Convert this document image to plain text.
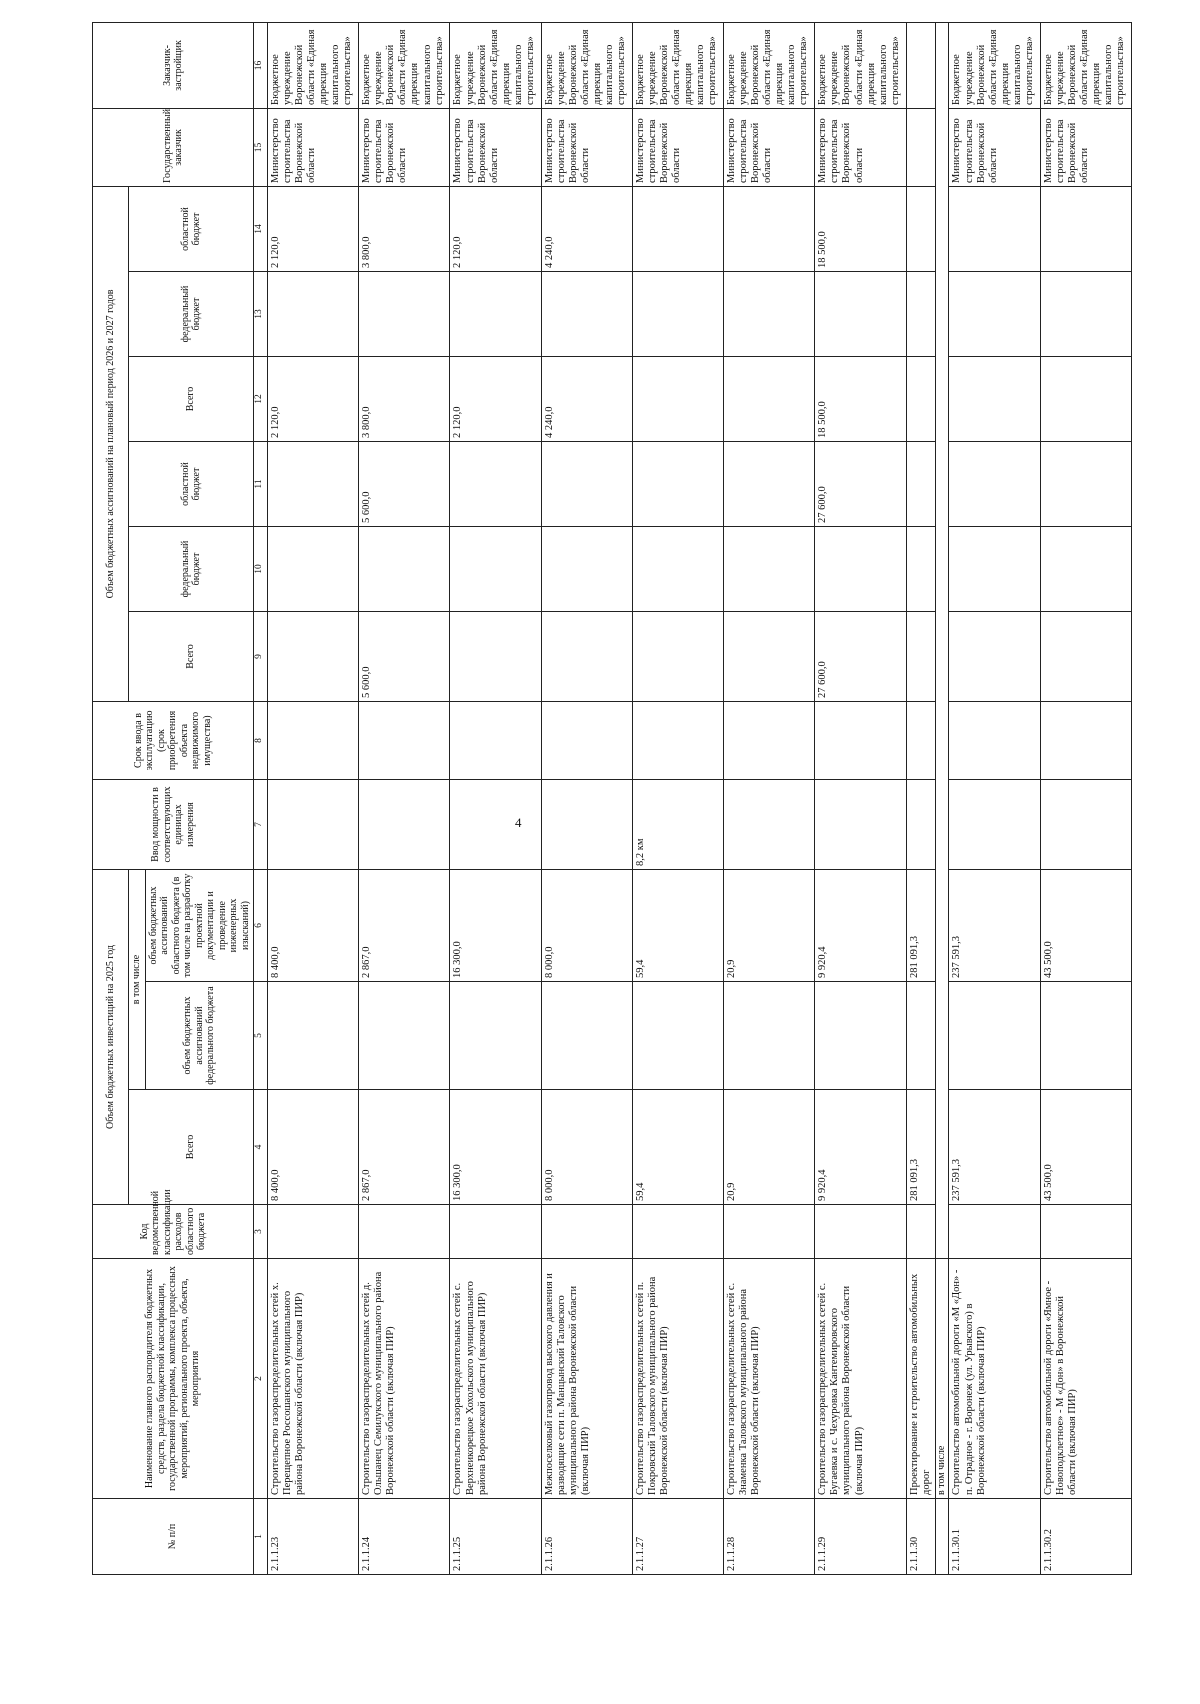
4
№ п/п	Наименование главного распорядителя бюджетных средств, раздела бюджетной классификации, государственной программы, комплекса процессных мероприятий, регионального проекта, объекта, мероприятия	Код ведомственной классификации расходов областного бюджета	Объем бюджетных инвестиций на 2025 год			Ввод мощности в соответствующих единицах измерения	Срок ввода в эксплуатацию (срок приобретения объекта недвижимого имущества)	Объем бюджетных ассигнований на плановый период 2026 и 2027 годов						Государственный заказчик	Заказчик-застройщик
			Всего	в том числе				Всего	федеральный бюджет	областной бюджет	Всего	федеральный бюджет	областной бюджет		
				объем бюджетных ассигнований федерального бюджета	объем бюджетных ассигнований областного бюджета (в том числе на разработку проектной документации и проведение инженерных изысканий)										
1	2	3	4	5	6	7	8	9	10	11	12	13	14	15	16
2.1.1.23	Строительство газораспределительных сетей х. Перещепное Россошанского муниципального района Воронежской области (включая ПИР)		8 400,0		8 400,0						2 120,0		2 120,0	Министерство строительства Воронежской области	Бюджетное учреждение Воронежской области «Единая дирекция капитального строительства»
2.1.1.24	Строительство газораспределительных сетей д. Ольшанец Семилукского муниципального района Воронежской области (включая ПИР)		2 867,0		2 867,0			5 600,0		5 600,0	3 800,0		3 800,0	Министерство строительства Воронежской области	Бюджетное учреждение Воронежской области «Единая дирекция капитального строительства»
2.1.1.25	Строительство газораспределительных сетей с. Верхнеикорецкое Хохольского муниципального района Воронежской области (включая ПИР)		16 300,0		16 300,0						2 120,0		2 120,0	Министерство строительства Воронежской области	Бюджетное учреждение Воронежской области «Единая дирекция капитального строительства»
2.1.1.26	Межпоселковый газопровод высокого давления и разводящие сети п. Манцынский Таловского муниципального района Воронежской области (включая ПИР)		8 000,0		8 000,0						4 240,0		4 240,0	Министерство строительства Воронежской области	Бюджетное учреждение Воронежской области «Единая дирекция капитального строительства»
2.1.1.27	Строительство газораспределительных сетей п. Покровский Таловского муниципального района Воронежской области (включая ПИР)		59,4		59,4	8,2 км								Министерство строительства Воронежской области	Бюджетное учреждение Воронежской области «Единая дирекция капитального строительства»
2.1.1.28	Строительство газораспределительных сетей с. Знаменка Таловского муниципального района Воронежской области (включая ПИР)		20,9		20,9									Министерство строительства Воронежской области	Бюджетное учреждение Воронежской области «Единая дирекция капитального строительства»
2.1.1.29	Строительство газораспределительных сетей с. Бугаевка и с. Чехуровка Кантемировского муниципального района Воронежской области (включая ПИР)		9 920,4		9 920,4			27 600,0		27 600,0	18 500,0		18 500,0	Министерство строительства Воронежской области	Бюджетное учреждение Воронежской области «Единая дирекция капитального строительства»
2.1.1.30	Проектирование и строительство автомобильных дорог		281 091,3		281 091,3										
	в том числе														
2.1.1.30.1	Строительство автомобильной дороги «М «Дон» - п. Отрадное - г. Воронеж (ул. Урывского) в Воронежской области (включая ПИР)		237 591,3		237 591,3									Министерство строительства Воронежской области	Бюджетное учреждение Воронежской области «Единая дирекция капитального строительства»
2.1.1.30.2	Строительство автомобильной дороги «Ямное - Новоподклетное» - М «Дон» в Воронежской области (включая ПИР)		43 500,0		43 500,0									Министерство строительства Воронежской области	Бюджетное учреждение Воронежской области «Единая дирекция капитального строительства»
